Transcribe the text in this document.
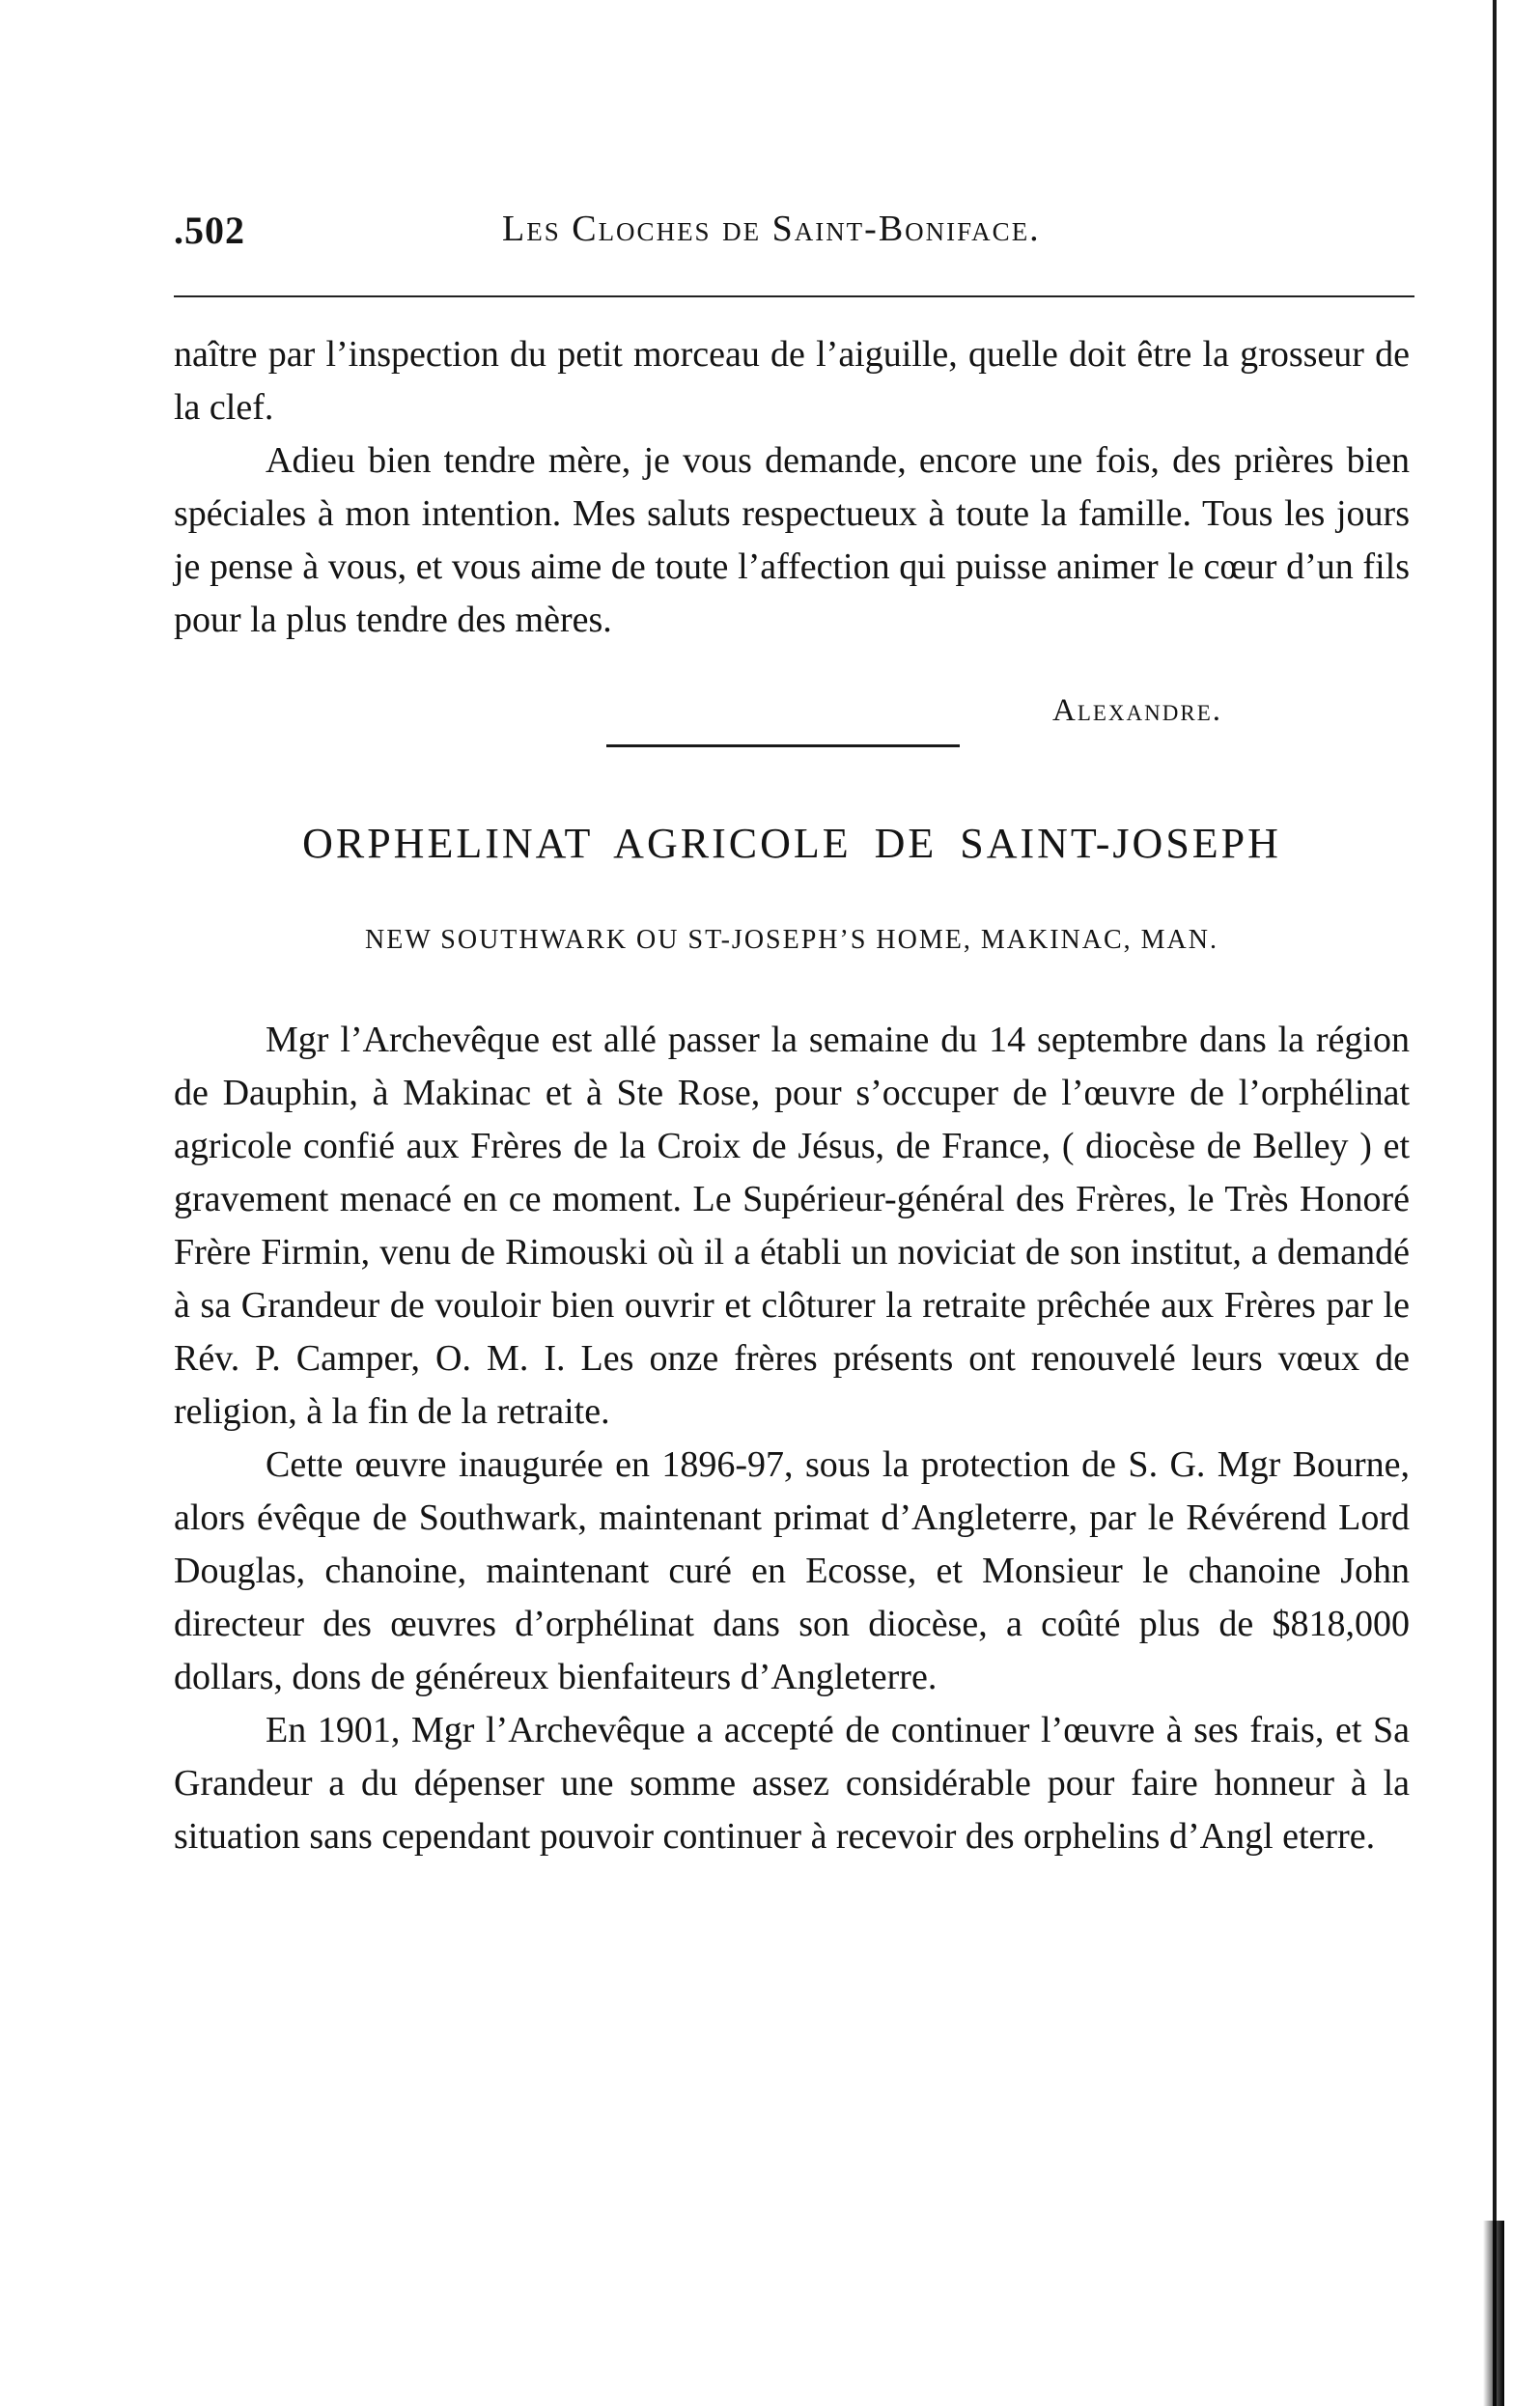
.502	Les Cloches de Saint-Boniface.

naître par l’inspection du petit morceau de l’aiguille, quelle doit être la grosseur de la clef.

Adieu bien tendre mère, je vous demande, encore une fois, des prières bien spéciales à mon intention. Mes saluts respectueux à toute la famille. Tous les jours je pense à vous, et vous aime de toute l’affection qui puisse animer le cœur d’un fils pour la plus tendre des mères.

Alexandre.
ORPHELINAT AGRICOLE DE SAINT-JOSEPH
NEW SOUTHWARK OU ST-JOSEPH’S HOME, MAKINAC, MAN.

Mgr l’Archevêque est allé passer la semaine du 14 septembre dans la région de Dauphin, à Makinac et à Ste Rose, pour s’occuper de l’œuvre de l’orphélinat agricole confié aux Frères de la Croix de Jésus, de France, ( diocèse de Belley ) et gravement menacé en ce moment. Le Supérieur-général des Frères, le Très Honoré Frère Firmin, venu de Rimouski où il a établi un noviciat de son institut, a demandé à sa Grandeur de vouloir bien ouvrir et clôturer la retraite prêchée aux Frères par le Rév. P. Camper, O. M. I. Les onze frères présents ont renouvelé leurs vœux de religion, à la fin de la retraite.

Cette œuvre inaugurée en 1896-97, sous la protection de S. G. Mgr Bourne, alors évêque de Southwark, maintenant primat d’Angleterre, par le Révérend Lord Douglas, chanoine, maintenant curé en Ecosse, et Monsieur le chanoine John directeur des œuvres d’orphélinat dans son diocèse, a coûté plus de $818,000 dollars, dons de généreux bienfaiteurs d’Angleterre.

En 1901, Mgr l’Archevêque a accepté de continuer l’œuvre à ses frais, et Sa Grandeur a du dépenser une somme assez considérable pour faire honneur à la situation sans cependant pouvoir continuer à recevoir des orphelins d’Angl eterre.
